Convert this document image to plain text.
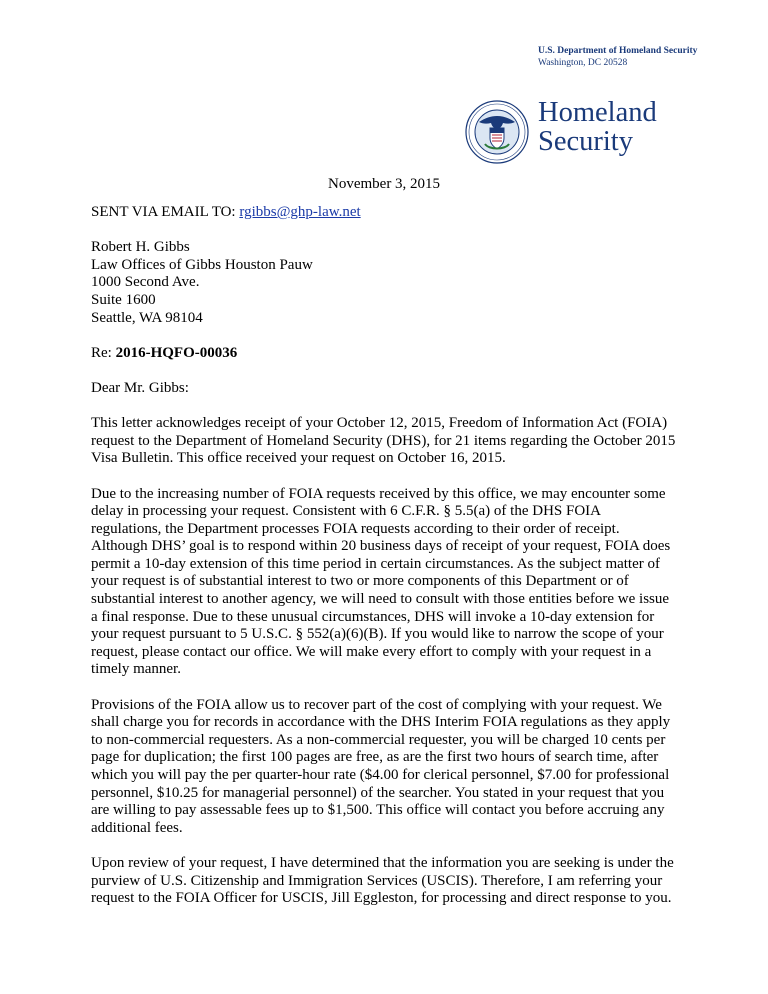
U.S. Department of Homeland Security
Washington, DC 20528
Homeland
Security
November 3, 2015

SENT VIA EMAIL TO: rgibbs@ghp-law.net

Robert H. Gibbs
Law Offices of Gibbs Houston Pauw
1000 Second Ave.
Suite 1600
Seattle, WA 98104

Re: 2016-HQFO-00036

Dear Mr. Gibbs:

This letter acknowledges receipt of your October 12, 2015, Freedom of Information Act (FOIA)
request to the Department of Homeland Security (DHS), for 21 items regarding the October 2015
Visa Bulletin. This office received your request on October 16, 2015.

Due to the increasing number of FOIA requests received by this office, we may encounter some
delay in processing your request. Consistent with 6 C.F.R. § 5.5(a) of the DHS FOIA
regulations, the Department processes FOIA requests according to their order of receipt.
Although DHS’ goal is to respond within 20 business days of receipt of your request, FOIA does
permit a 10-day extension of this time period in certain circumstances. As the subject matter of
your request is of substantial interest to two or more components of this Department or of
substantial interest to another agency, we will need to consult with those entities before we issue
a final response. Due to these unusual circumstances, DHS will invoke a 10-day extension for
your request pursuant to 5 U.S.C. § 552(a)(6)(B). If you would like to narrow the scope of your
request, please contact our office. We will make every effort to comply with your request in a
timely manner.

Provisions of the FOIA allow us to recover part of the cost of complying with your request. We
shall charge you for records in accordance with the DHS Interim FOIA regulations as they apply
to non-commercial requesters. As a non-commercial requester, you will be charged 10 cents per
page for duplication; the first 100 pages are free, as are the first two hours of search time, after
which you will pay the per quarter-hour rate ($4.00 for clerical personnel, $7.00 for professional
personnel, $10.25 for managerial personnel) of the searcher. You stated in your request that you
are willing to pay assessable fees up to $1,500. This office will contact you before accruing any
additional fees.

Upon review of your request, I have determined that the information you are seeking is under the
purview of U.S. Citizenship and Immigration Services (USCIS). Therefore, I am referring your
request to the FOIA Officer for USCIS, Jill Eggleston, for processing and direct response to you.
